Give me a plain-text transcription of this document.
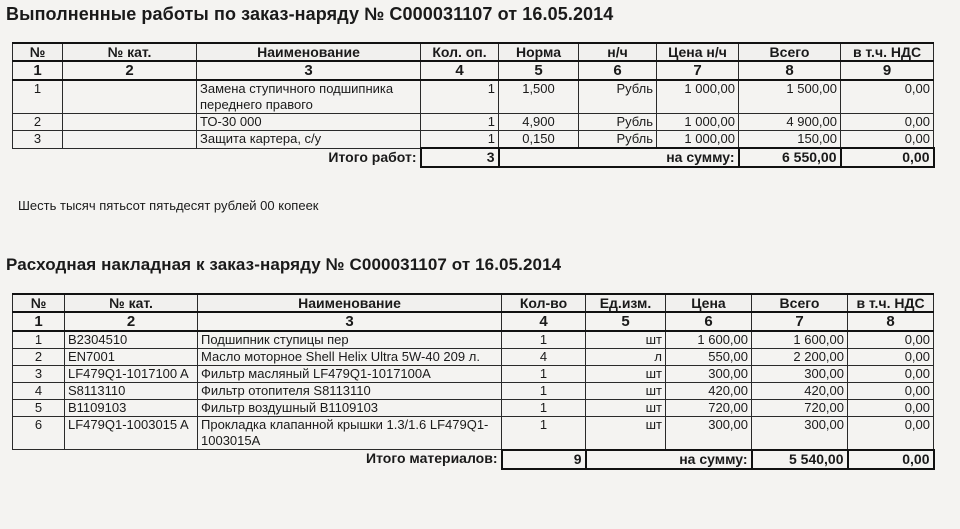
Выполненные работы по заказ-наряду № С000031107 от 16.05.2014
№	№ кат.	Наименование	Кол. оп.	Норма	н/ч	Цена н/ч	Всего	в т.ч. НДС
1	2	3	4	5	6	7	8	9
1		Замена ступичного подшипника переднего правого	1	1,500	Рубль	1 000,00	1 500,00	0,00
2		ТО-30 000	1	4,900	Рубль	1 000,00	4 900,00	0,00
3		Защита картера, с/у	1	0,150	Рубль	1 000,00	150,00	0,00
		Итого работ:	3	на сумму:			6 550,00	0,00
Шесть тысяч пятьсот пятьдесят рублей 00 копеек
Расходная накладная к заказ-наряду № С000031107 от 16.05.2014
№	№ кат.	Наименование	Кол-во	Ед.изм.	Цена	Всего	в т.ч. НДС
1	2	3	4	5	6	7	8
1	B2304510	Подшипник ступицы пер	1	шт	1 600,00	1 600,00	0,00
2	EN7001	Масло моторное Shell Helix Ultra 5W-40 209 л.	4	л	550,00	2 200,00	0,00
3	LF479Q1-1017100 A	Фильтр масляный LF479Q1-1017100А	1	шт	300,00	300,00	0,00
4	S8113110	Фильтр отопителя S8113110	1	шт	420,00	420,00	0,00
5	B1109103	Фильтр воздушный B1109103	1	шт	720,00	720,00	0,00
6	LF479Q1-1003015 A	Прокладка клапанной крышки 1.3/1.6 LF479Q1-1003015А	1	шт	300,00	300,00	0,00
		Итого материалов:	9	на сумму:		5 540,00	0,00
